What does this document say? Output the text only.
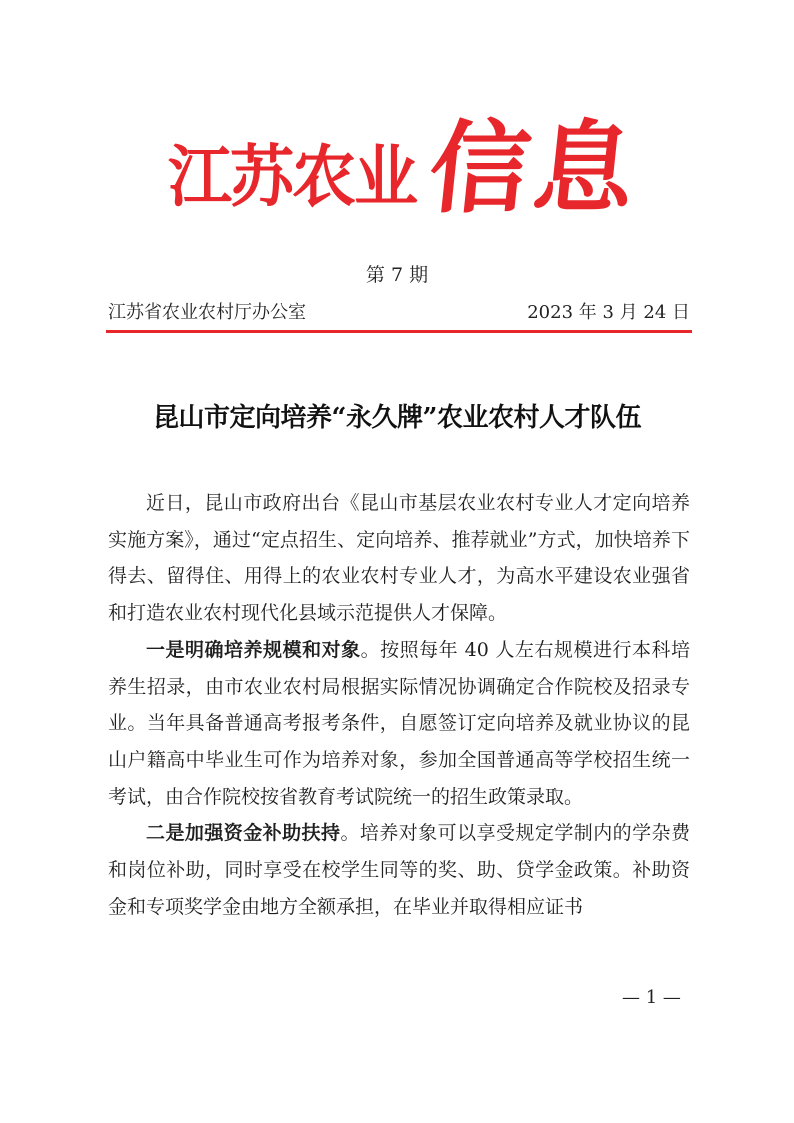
江苏农业 信息
第 7 期
江苏省农业农村厅办公室	2023 年 3 月 24 日
昆山市定向培养“永久牌”农业农村人才队伍

近日，昆山市政府出台《昆山市基层农业农村专业人才定向培养实施方案》，通过“定点招生、定向培养、推荐就业”方式，加快培养下得去、留得住、用得上的农业农村专业人才，为高水平建设农业强省和打造农业农村现代化县域示范提供人才保障。

一是明确培养规模和对象。按照每年 40 人左右规模进行本科培养生招录，由市农业农村局根据实际情况协调确定合作院校及招录专业。当年具备普通高考报考条件，自愿签订定向培养及就业协议的昆山户籍高中毕业生可作为培养对象，参加全国普通高等学校招生统一考试，由合作院校按省教育考试院统一的招生政策录取。

二是加强资金补助扶持。培养对象可以享受规定学制内的学杂费和岗位补助，同时享受在校学生同等的奖、助、贷学金政策。补助资金和专项奖学金由地方全额承担，在毕业并取得相应证书

— 1 —
